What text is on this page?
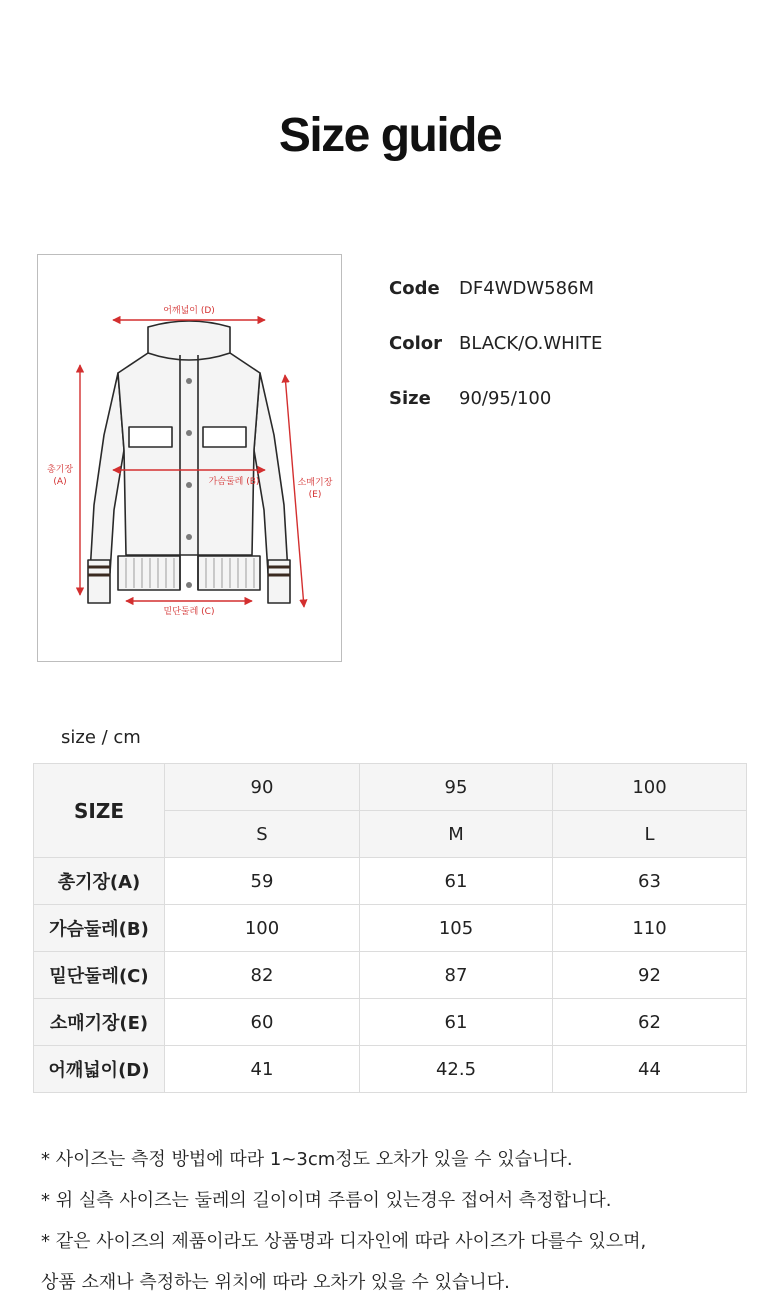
Size guide
어깨넓이 (D)
총기장
(A)	가슴둘레 (B)	소매기장
(E)
밑단둘레 (C)
Code DF4WDW586M
Color BLACK/O.WHITE
Size 90/95/100
size / cm
SIZE	90	95	100
	S	M	L
총기장(A)	59	61	63
가슴둘레(B)	100	105	110
밑단둘레(C)	82	87	92
소매기장(E)	60	61	62
어깨넓이(D)	41	42.5	44
* 사이즈는 측정 방법에 따라 1~3cm정도 오차가 있을 수 있습니다.
* 위 실측 사이즈는 둘레의 길이이며 주름이 있는경우 접어서 측정합니다.
* 같은 사이즈의 제품이라도 상품명과 디자인에 따라 사이즈가 다를수 있으며,
상품 소재나 측정하는 위치에 따라 오차가 있을 수 있습니다.
